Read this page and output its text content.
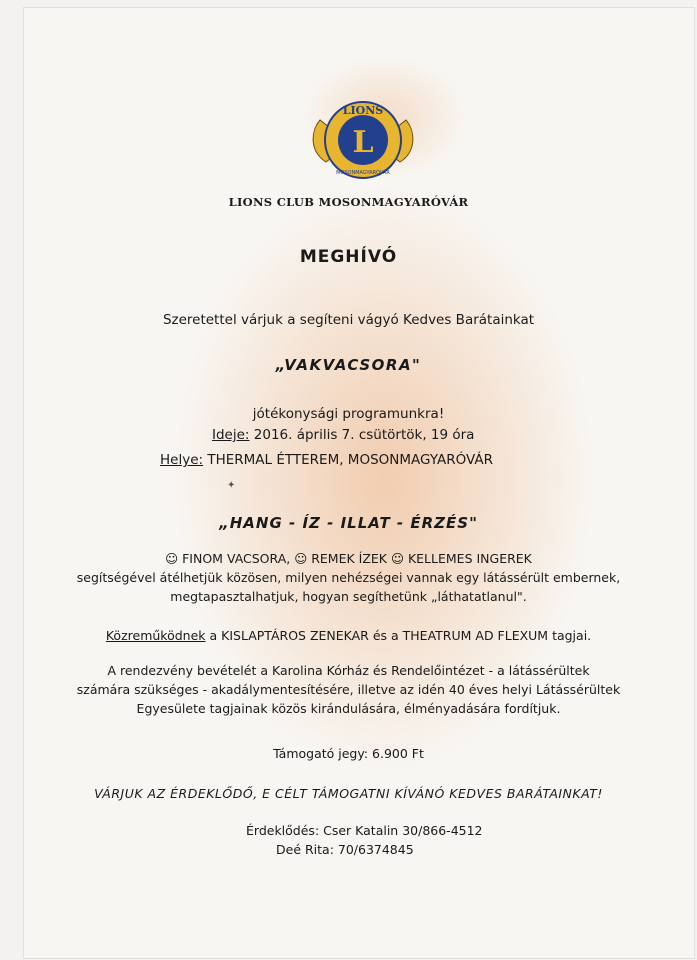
LIONS
L
MOSONMAGYARÓVÁR
LIONS CLUB MOSONMAGYARÓVÁR
MEGHÍVÓ
Szeretettel várjuk a segíteni vágyó Kedves Barátainkat
„VAKVACSORA"
jótékonysági programunkra!
Ideje: 2016. április 7. csütörtök, 19 óra
Helye: THERMAL ÉTTEREM, MOSONMAGYARÓVÁR
✦
„HANG - ÍZ - ILLAT - ÉRZÉS"
☺ FINOM VACSORA, ☺ REMEK ÍZEK ☺ KELLEMES INGEREK
segítségével átélhetjük közösen, milyen nehézségei vannak egy látássérült embernek,
megtapasztalhatjuk, hogyan segíthetünk „láthatatlanul".
Közreműködnek a KISLAPTÁROS ZENEKAR és a THEATRUM AD FLEXUM tagjai.
A rendezvény bevételét a Karolina Kórház és Rendelőintézet - a látássérültek
számára szükséges - akadálymentesítésére, illetve az idén 40 éves helyi Látássérültek
Egyesülete tagjainak közös kirándulására, élményadására fordítjuk.
Támogató jegy: 6.900 Ft
VÁRJUK AZ ÉRDEKLŐDŐ, E CÉLT TÁMOGATNI KÍVÁNÓ KEDVES BARÁTAINKAT!
Érdeklődés: Cser Katalin 30/866-4512
Deé Rita: 70/6374845
